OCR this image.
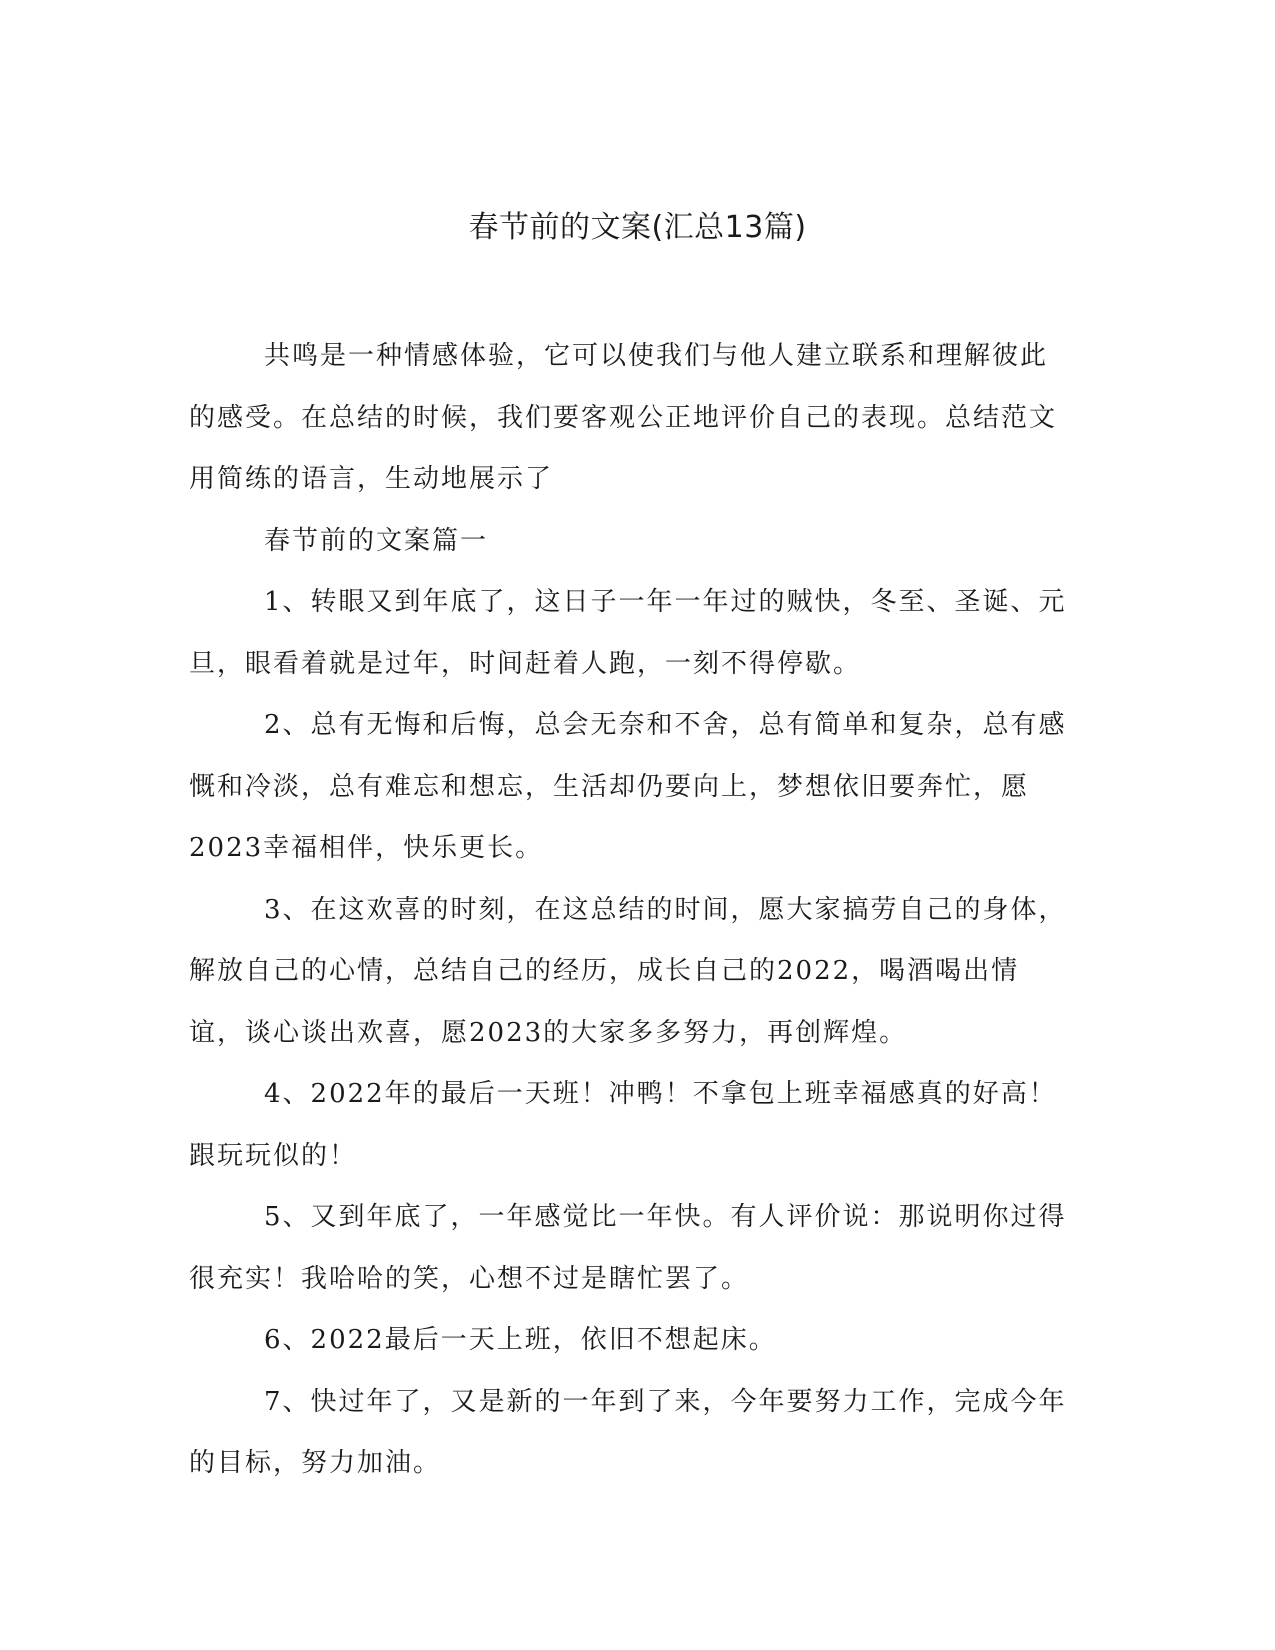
春节前的文案(汇总13篇)

共鸣是一种情感体验，它可以使我们与他人建立联系和理解彼此的感受。在总结的时候，我们要客观公正地评价自己的表现。总结范文用简练的语言，生动地展示了

春节前的文案篇一

1、转眼又到年底了，这日子一年一年过的贼快，冬至、圣诞、元旦，眼看着就是过年，时间赶着人跑，一刻不得停歇。

2、总有无悔和后悔，总会无奈和不舍，总有简单和复杂，总有感慨和冷淡，总有难忘和想忘，生活却仍要向上，梦想依旧要奔忙，愿2023幸福相伴，快乐更长。

3、在这欢喜的时刻，在这总结的时间，愿大家搞劳自己的身体，解放自己的心情，总结自己的经历，成长自己的2022，喝酒喝出情谊，谈心谈出欢喜，愿2023的大家多多努力，再创辉煌。

4、2022年的最后一天班！冲鸭！不拿包上班幸福感真的好高！跟玩玩似的！

5、又到年底了，一年感觉比一年快。有人评价说：那说明你过得很充实！我哈哈的笑，心想不过是瞎忙罢了。

6、2022最后一天上班，依旧不想起床。

7、快过年了，又是新的一年到了来，今年要努力工作，完成今年的目标，努力加油。
